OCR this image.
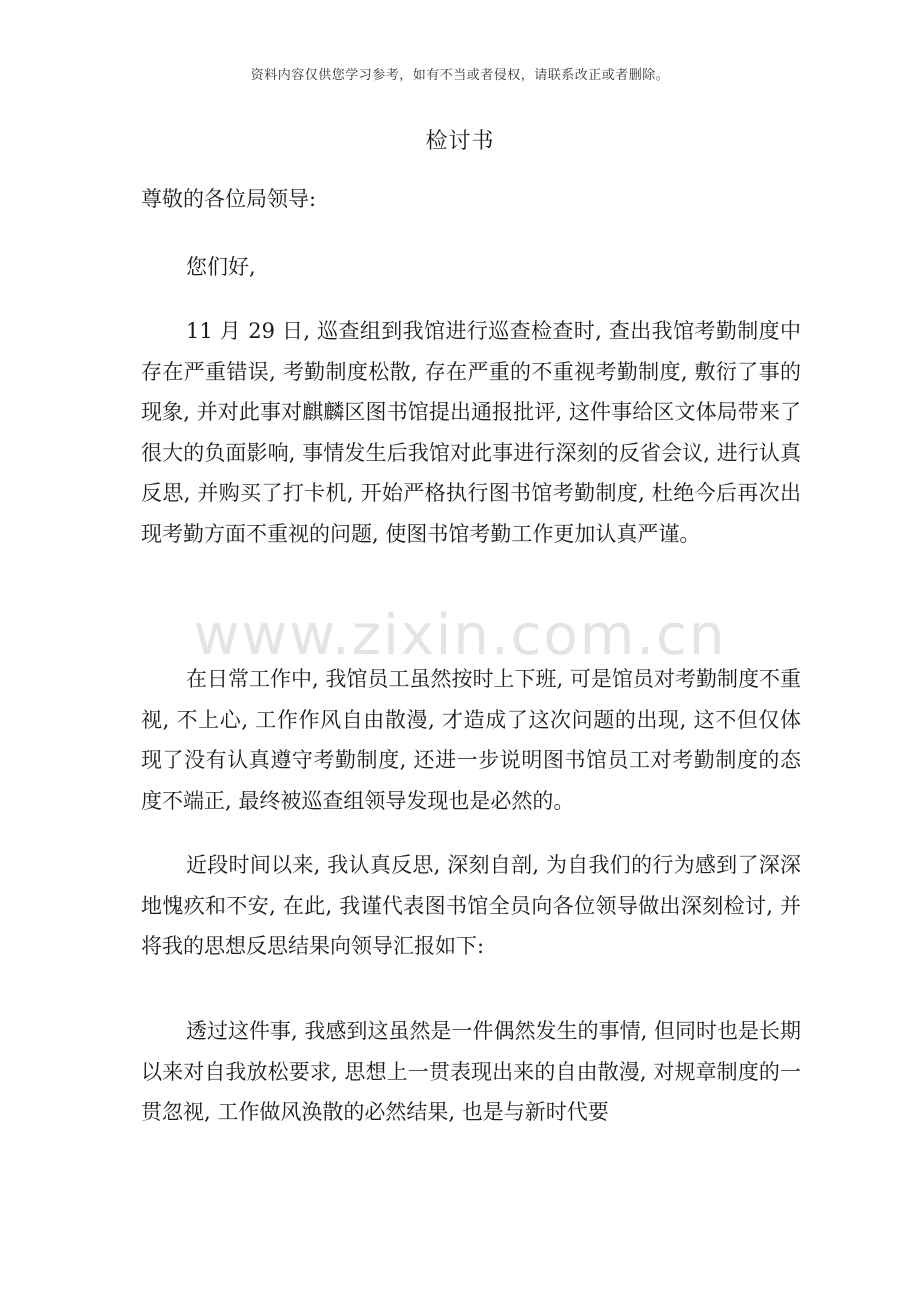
资料内容仅供您学习参考，如有不当或者侵权，请联系改正或者删除。
检讨书
尊敬的各位局领导:
您们好,

11 月 29 日, 巡查组到我馆进行巡查检查时, 查出我馆考勤制度中存在严重错误, 考勤制度松散, 存在严重的不重视考勤制度, 敷衍了事的现象, 并对此事对麒麟区图书馆提出通报批评, 这件事给区文体局带来了很大的负面影响, 事情发生后我馆对此事进行深刻的反省会议, 进行认真反思, 并购买了打卡机, 开始严格执行图书馆考勤制度, 杜绝今后再次出现考勤方面不重视的问题, 使图书馆考勤工作更加认真严谨。

在日常工作中, 我馆员工虽然按时上下班, 可是馆员对考勤制度不重视, 不上心, 工作作风自由散漫, 才造成了这次问题的出现, 这不但仅体现了没有认真遵守考勤制度, 还进一步说明图书馆员工对考勤制度的态度不端正, 最终被巡查组领导发现也是必然的。

近段时间以来, 我认真反思, 深刻自剖, 为自我们的行为感到了深深地愧疚和不安, 在此, 我谨代表图书馆全员向各位领导做出深刻检讨, 并将我的思想反思结果向领导汇报如下:

透过这件事, 我感到这虽然是一件偶然发生的事情, 但同时也是长期以来对自我放松要求, 思想上一贯表现出来的自由散漫, 对规章制度的一贯忽视, 工作做风涣散的必然结果, 也是与新时代要

www.zixin.com.cn
